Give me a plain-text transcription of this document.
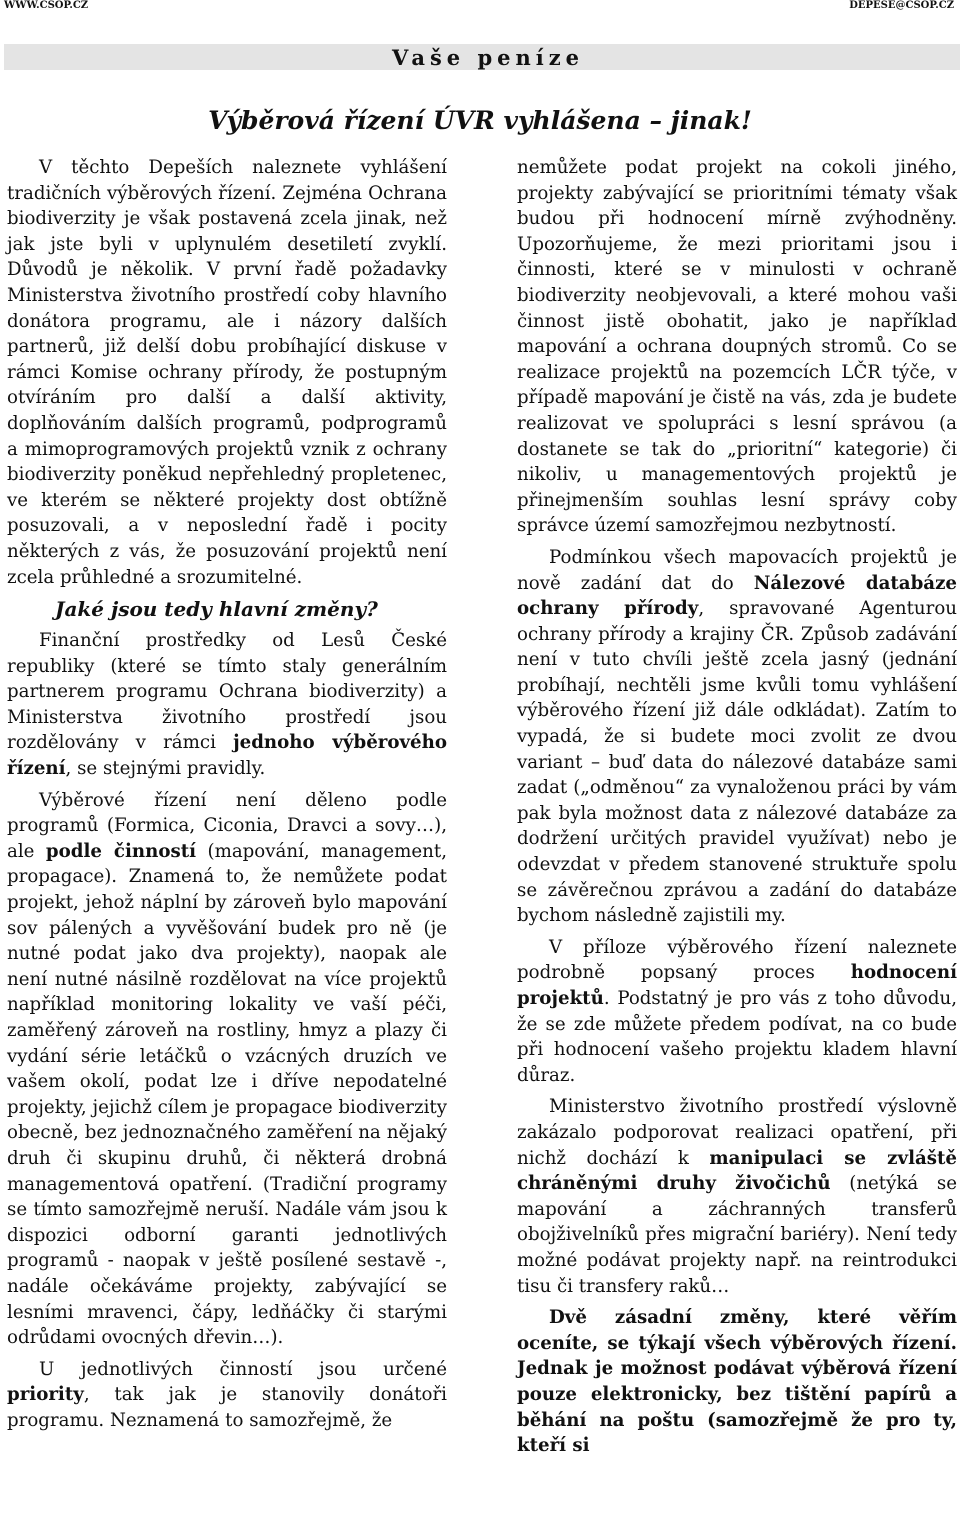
WWW.CSOP.CZ	DEPESE@CSOP.CZ
Vaše peníze
Výběrová řízení ÚVR vyhlášena – jinak!

V těchto Depeších naleznete vyhlášení tradičních výběrových řízení. Zejména Ochrana biodiverzity je však postavená zcela jinak, než jak jste byli v uplynulém desetiletí zvyklí. Důvodů je několik. V první řadě požadavky Ministerstva životního prostředí coby hlavního donátora programu, ale i názory dalších partnerů, již delší dobu probíhající diskuse v rámci Komise ochrany přírody, že postupným otvíráním pro další a další aktivity, doplňováním dalších programů, podprogramů a mimoprogramových projektů vznik z ochrany biodiverzity poněkud nepřehledný propletenec, ve kterém se některé projekty dost obtížně posuzovali, a v neposlední řadě i pocity některých z vás, že posuzování projektů není zcela průhledné a srozumitelné.

Jaké jsou tedy hlavní změny?

Finanční prostředky od Lesů České republiky (které se tímto staly generálním partnerem programu Ochrana biodiverzity) a Ministerstva životního prostředí jsou rozdělovány v rámci jednoho výběrového řízení, se stejnými pravidly.

Výběrové řízení není děleno podle programů (Formica, Ciconia, Dravci a sovy…), ale podle činností (mapování, management, propagace). Znamená to, že nemůžete podat projekt, jehož náplní by zároveň bylo mapování sov pálených a vyvěšování budek pro ně (je nutné podat jako dva projekty), naopak ale není nutné násilně rozdělovat na více projektů například monitoring lokality ve vaší péči, zaměřený zároveň na rostliny, hmyz a plazy či vydání série letáčků o vzácných druzích ve vašem okolí, podat lze i dříve nepodatelné projekty, jejichž cílem je propagace biodiverzity obecně, bez jednoznačného zaměření na nějaký druh či skupinu druhů, či některá drobná managementová opatření. (Tradiční programy se tímto samozřejmě neruší. Nadále vám jsou k dispozici odborní garanti jednotlivých programů - naopak v ještě posílené sestavě -, nadále očekáváme projekty, zabývající se lesními mravenci, čápy, ledňáčky či starými odrůdami ovocných dřevin…).

U jednotlivých činností jsou určené priority, tak jak je stanovily donátoři programu. Neznamená to samozřejmě, že

nemůžete podat projekt na cokoli jiného, projekty zabývající se prioritními tématy však budou při hodnocení mírně zvýhodněny. Upozorňujeme, že mezi prioritami jsou i činnosti, které se v minulosti v ochraně biodiverzity neobjevovali, a které mohou vaši činnost jistě obohatit, jako je například mapování a ochrana doupných stromů. Co se realizace projektů na pozemcích LČR týče, v případě mapování je čistě na vás, zda je budete realizovat ve spolupráci s lesní správou (a dostanete se tak do „prioritní“ kategorie) či nikoliv, u managementových projektů je přinejmenším souhlas lesní správy coby správce území samozřejmou nezbytností.

Podmínkou všech mapovacích projektů je nově zadání dat do Nálezové databáze ochrany přírody, spravované Agenturou ochrany přírody a krajiny ČR. Způsob zadávání není v tuto chvíli ještě zcela jasný (jednání probíhají, nechtěli jsme kvůli tomu vyhlášení výběrového řízení již dále odkládat). Zatím to vypadá, že si budete moci zvolit ze dvou variant – buď data do nálezové databáze sami zadat („odměnou“ za vynaloženou práci by vám pak byla možnost data z nálezové databáze za dodržení určitých pravidel využívat) nebo je odevzdat v předem stanovené struktuře spolu se závěrečnou zprávou a zadání do databáze bychom následně zajistili my.

V příloze výběrového řízení naleznete podrobně popsaný proces hodnocení projektů. Podstatný je pro vás z toho důvodu, že se zde můžete předem podívat, na co bude při hodnocení vašeho projektu kladem hlavní důraz.

Ministerstvo životního prostředí výslovně zakázalo podporovat realizaci opatření, při nichž dochází k manipulaci se zvláště chráněnými druhy živočichů (netýká se mapování a záchranných transferů obojživelníků přes migrační bariéry). Není tedy možné podávat projekty např. na reintrodukci tisu či transfery raků…

Dvě zásadní změny, které věřím oceníte, se týkají všech výběrových řízení. Jednak je možnost podávat výběrová řízení pouze elektronicky, bez tištění papírů a běhání na poštu (samozřejmě že pro ty, kteří si
